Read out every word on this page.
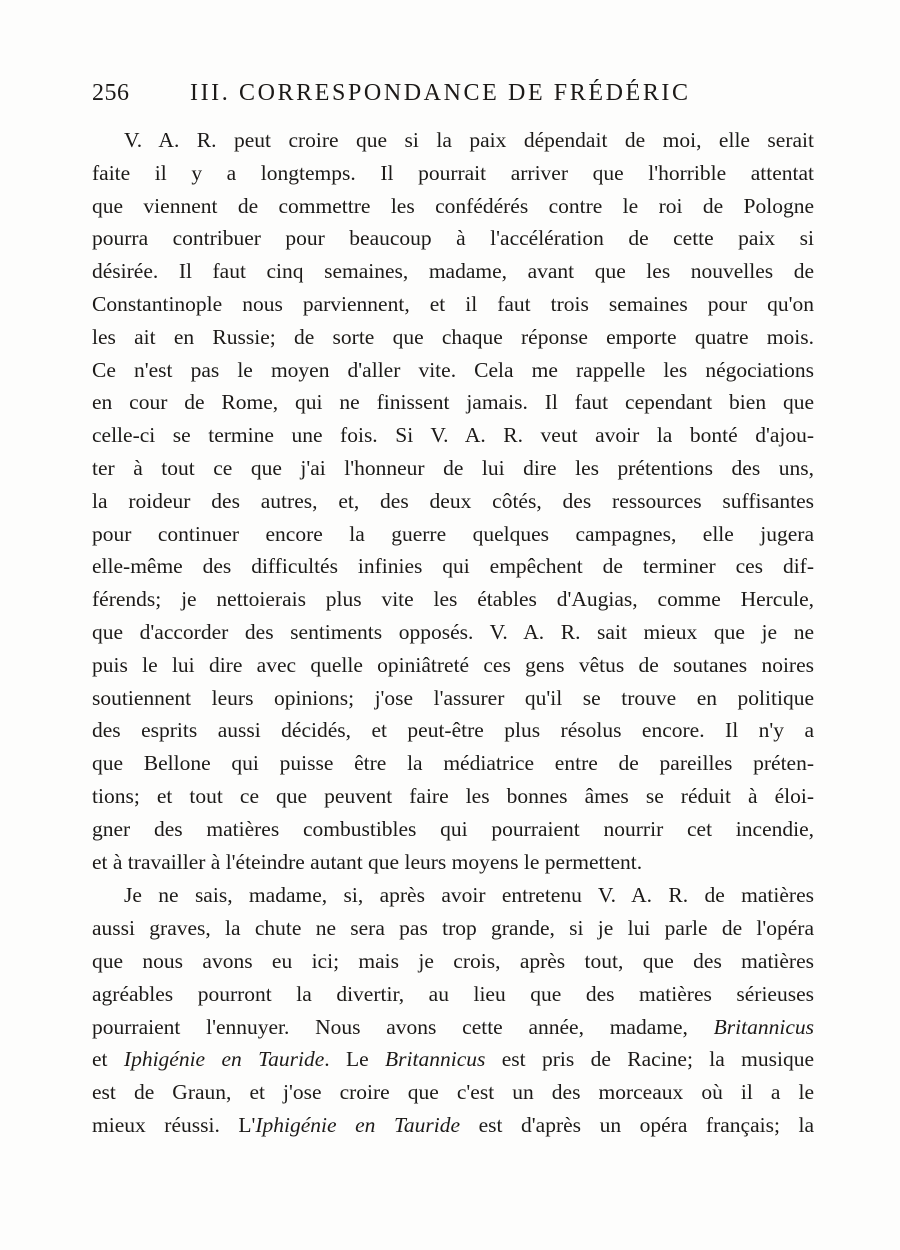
256	III. CORRESPONDANCE DE FRÉDÉRIC
V. A. R. peut croire que si la paix dépendait de moi, elle serait
faite il y a longtemps. Il pourrait arriver que l'horrible attentat
que viennent de commettre les confédérés contre le roi de Pologne
pourra contribuer pour beaucoup à l'accélération de cette paix si
désirée. Il faut cinq semaines, madame, avant que les nouvelles de
Constantinople nous parviennent, et il faut trois semaines pour qu'on
les ait en Russie; de sorte que chaque réponse emporte quatre mois.
Ce n'est pas le moyen d'aller vite. Cela me rappelle les négociations
en cour de Rome, qui ne finissent jamais. Il faut cependant bien que
celle-ci se termine une fois. Si V. A. R. veut avoir la bonté d'ajou-
ter à tout ce que j'ai l'honneur de lui dire les prétentions des uns,
la roideur des autres, et, des deux côtés, des ressources suffisantes
pour continuer encore la guerre quelques campagnes, elle jugera
elle-même des difficultés infinies qui empêchent de terminer ces dif-
férends; je nettoierais plus vite les étables d'Augias, comme Hercule,
que d'accorder des sentiments opposés. V. A. R. sait mieux que je ne
puis le lui dire avec quelle opiniâtreté ces gens vêtus de soutanes noires
soutiennent leurs opinions; j'ose l'assurer qu'il se trouve en politique
des esprits aussi décidés, et peut-être plus résolus encore. Il n'y a
que Bellone qui puisse être la médiatrice entre de pareilles préten-
tions; et tout ce que peuvent faire les bonnes âmes se réduit à éloi-
gner des matières combustibles qui pourraient nourrir cet incendie,
et à travailler à l'éteindre autant que leurs moyens le permettent.
Je ne sais, madame, si, après avoir entretenu V. A. R. de matières
aussi graves, la chute ne sera pas trop grande, si je lui parle de l'opéra
que nous avons eu ici; mais je crois, après tout, que des matières
agréables pourront la divertir, au lieu que des matières sérieuses
pourraient l'ennuyer. Nous avons cette année, madame, Britannicus
et Iphigénie en Tauride. Le Britannicus est pris de Racine; la musique
est de Graun, et j'ose croire que c'est un des morceaux où il a le
mieux réussi. L'Iphigénie en Tauride est d'après un opéra français; la
